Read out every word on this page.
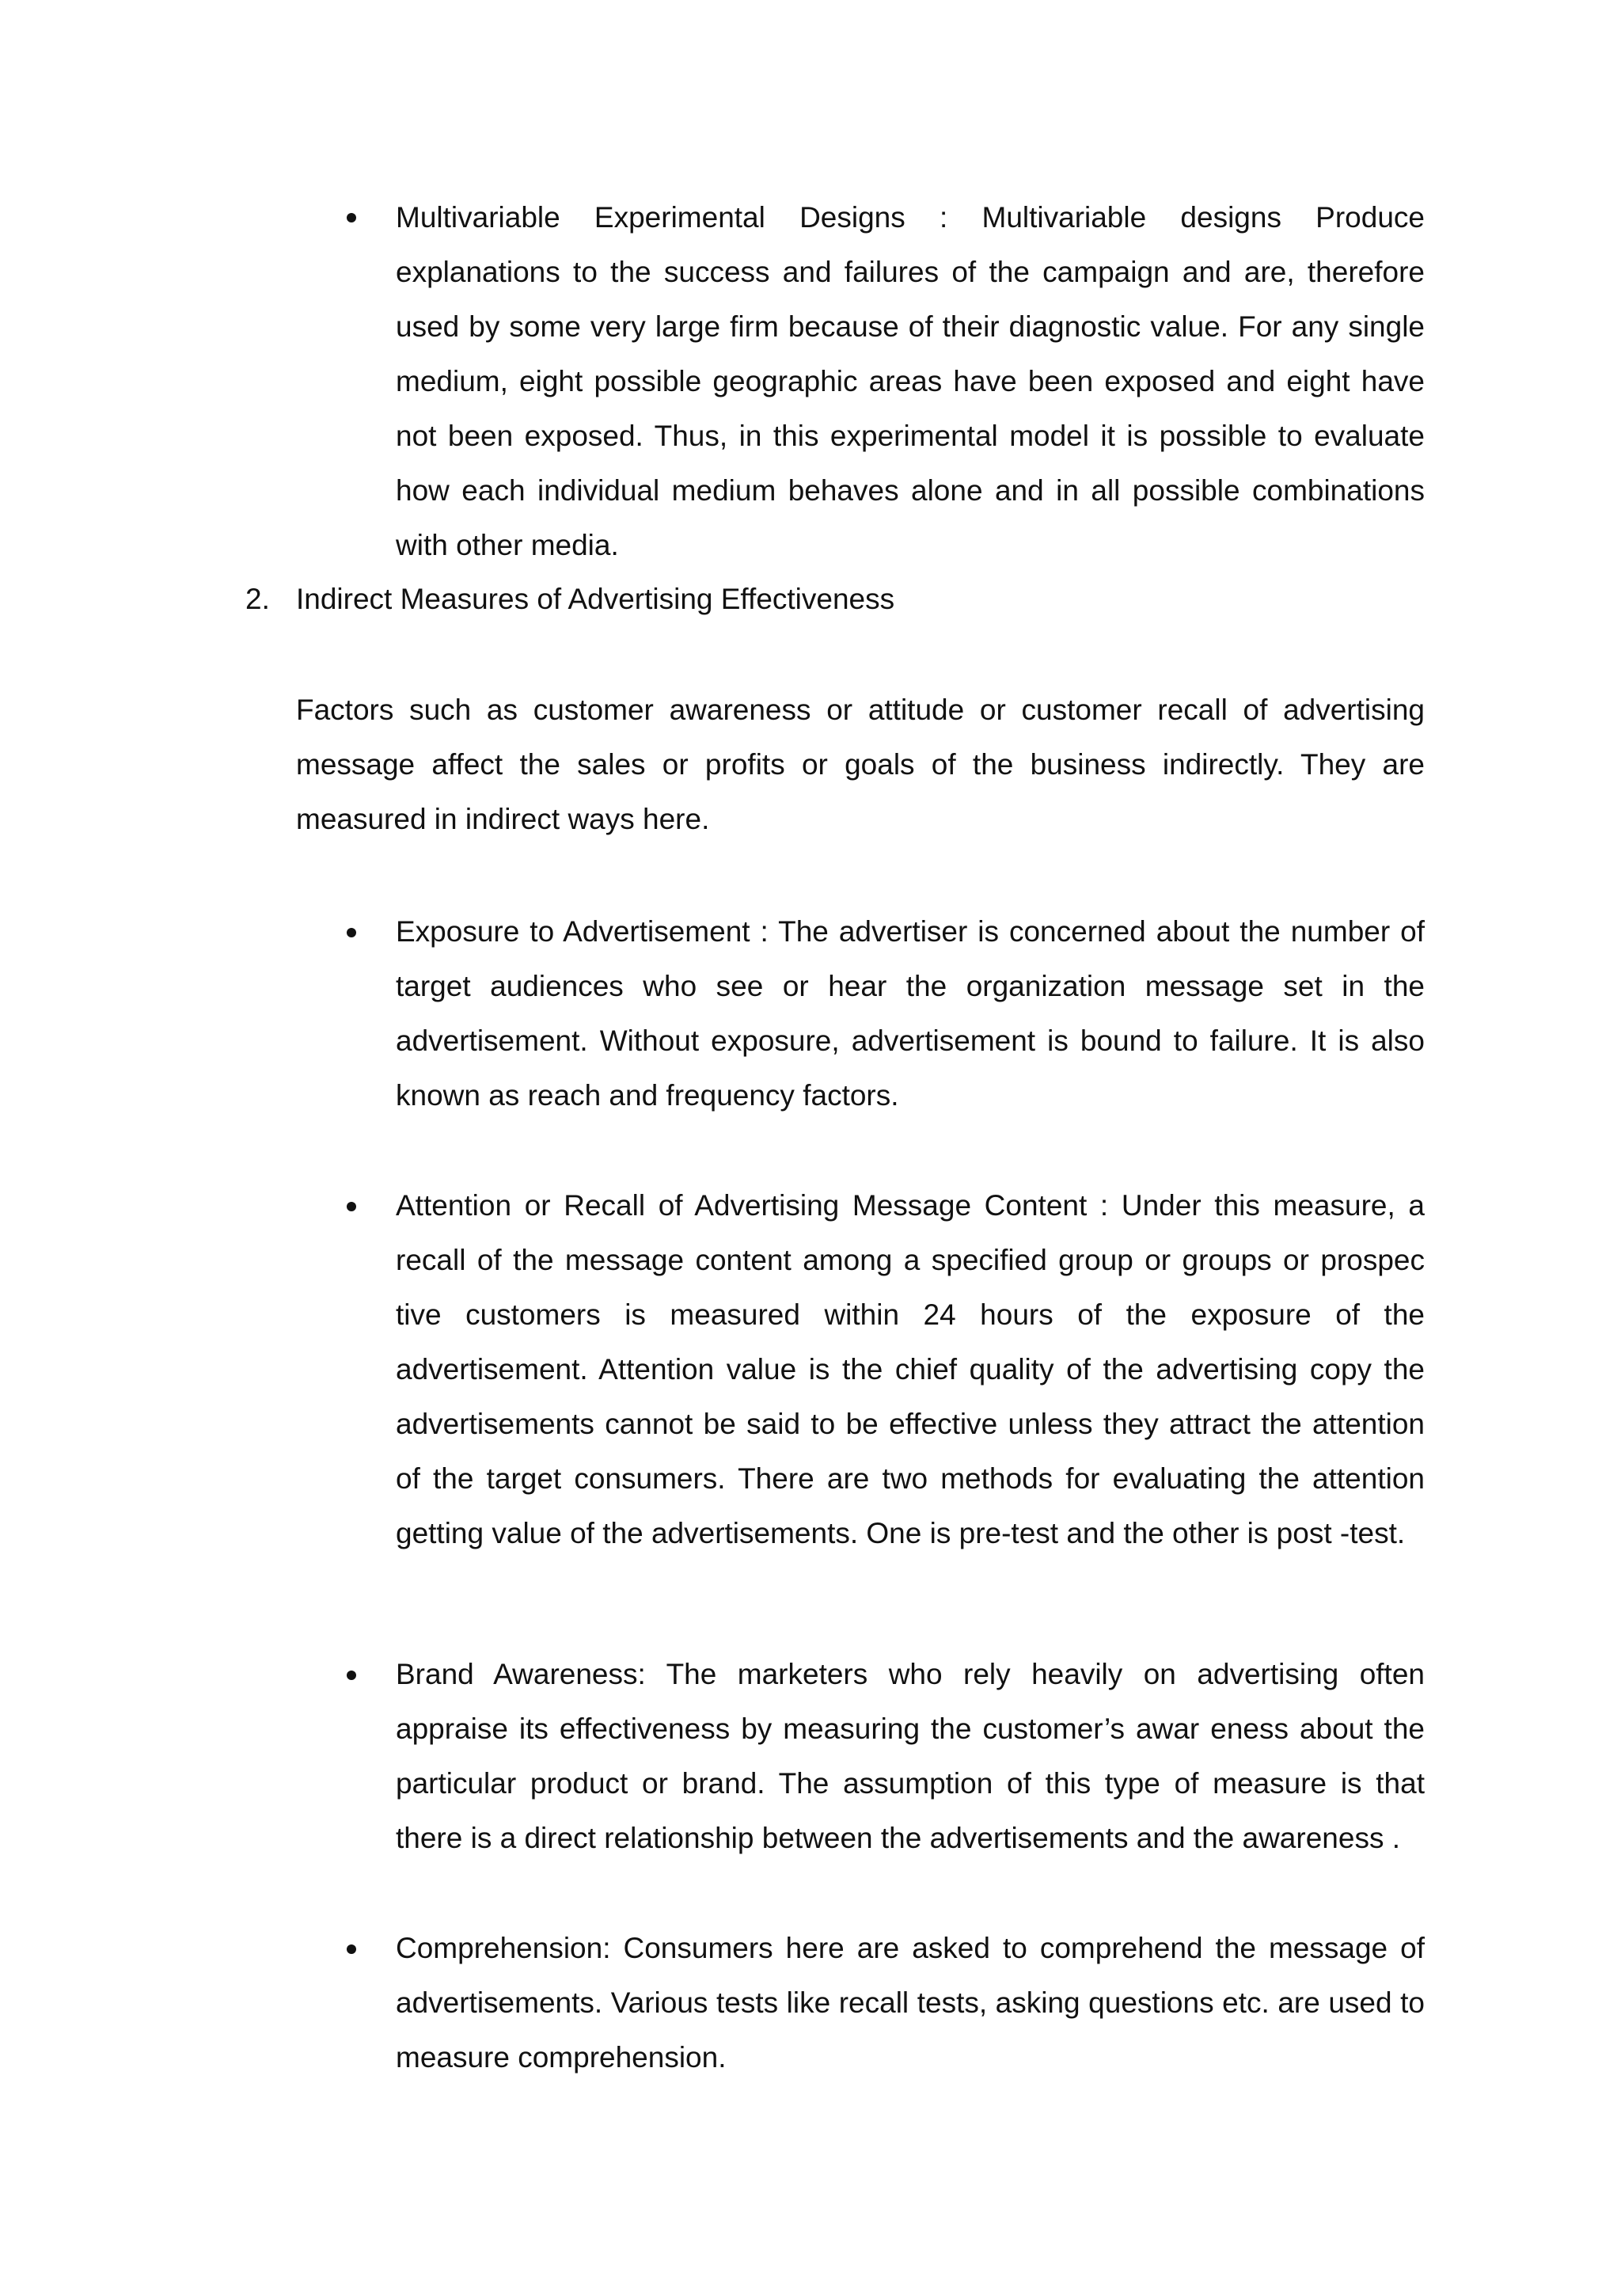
Multivariable Experimental Designs : Multivariable designs Produce explanations to the success and failures of the campaign and are, therefore used by some very large firm because of their diagnostic value. For any single medium, eight possible geographic areas have been exposed and eight have not been exposed. Thus, in this experimental model it is possible to evaluate how each individual medium behaves alone and in all possible combinations with other media.

2. Indirect Measures of Advertising Effectiveness

Factors such as customer awareness or attitude or customer recall of advertising message affect the sales or profits or goals of the business indirectly. They are measured in indirect ways here.

Exposure to Advertisement : The advertiser is concerned about the number of target audiences who see or hear the organization message set in the advertisement. Without exposure, advertisement is bound to failure. It is also known as reach and frequency factors.

Attention or Recall of Advertising Message Content : Under this measure, a recall of the message content among a specified group or groups or prospec tive customers is measured within 24 hours of the exposure of the advertisement. Attention value is the chief quality of the advertising copy the advertisements cannot be said to be effective unless they attract the attention of the target consumers. There are two methods for evaluating the attention getting value of the advertisements. One is pre-test and the other is post -test.

Brand Awareness: The marketers who rely heavily on advertising often appraise its effectiveness by measuring the customer’s awar eness about the particular product or brand. The assumption of this type of measure is that there is a direct relationship between the advertisements and the awareness .

Comprehension: Consumers here are asked to comprehend the message of advertisements. Various tests like recall tests, asking questions etc. are used to measure comprehension.
